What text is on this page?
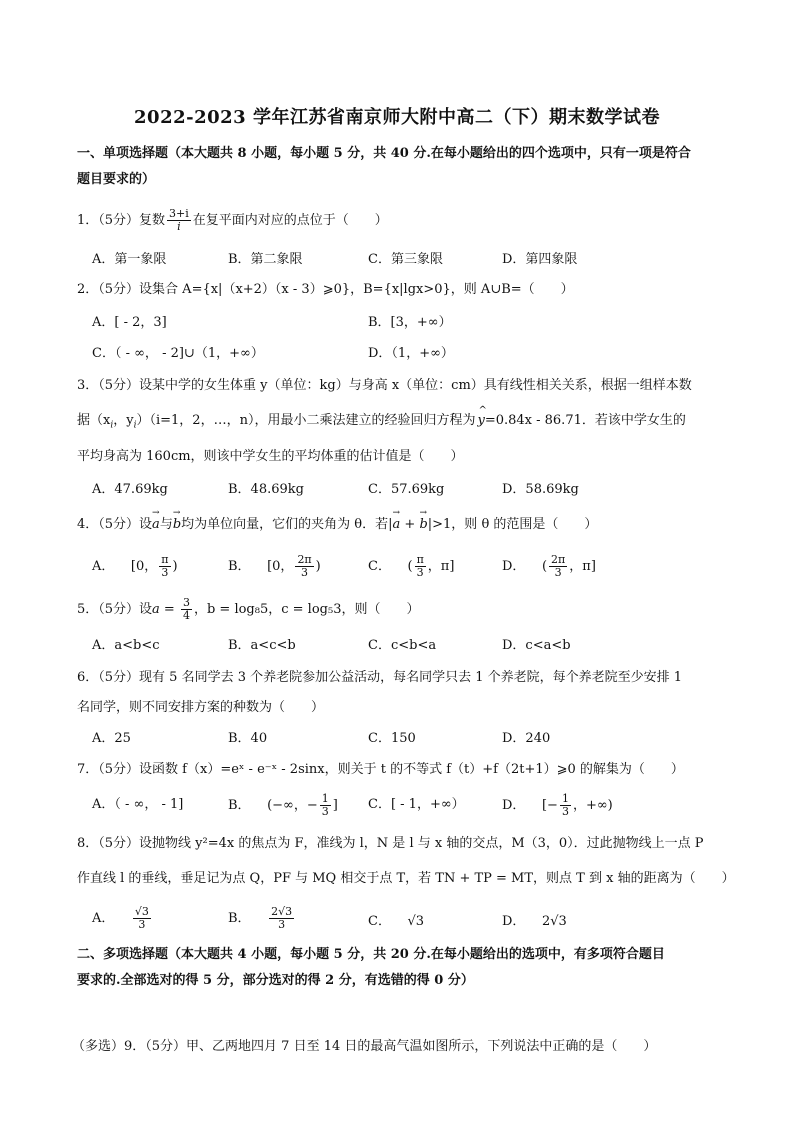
2022-2023 学年江苏省南京师大附中高二（下）期末数学试卷
一、单项选择题（本大题共 8 小题，每小题 5 分，共 40 分.在每小题给出的四个选项中，只有一项是符合
题目要求的）
1．（5分）复数 $\frac{3+i}{i}$ 在复平面内对应的点位于（　　）
A．第一象限	B．第二象限	C．第三象限	D．第四象限
2．（5分）设集合 A={x|（x+2）（x - 3）⩾0}，B={x|lgx>0}，则 A∪B=（　　）
A．[ - 2，3]	B．[3，+∞）
C．（ - ∞， - 2]∪（1，+∞）	D．（1，+∞）
3．（5分）设某中学的女生体重 y（单位：kg）与身高 x（单位：cm）具有线性相关关系，根据一组样本数
据（$x_i$，$y_i)(i=1$，2，…，n），用最小二乘法建立的经验回归方程为^ y=0.84x - 86.71．若该中学女生的
平均身高为 160cm，则该中学女生的平均体重的估计值是（　　）
A．47.69kg	B．48.69kg	C．57.69kg	D．58.69kg
4．（5分）设→ a与→ b均为单位向量，它们的夹角为 θ．若|→ a + → b|>1，则 θ 的范围是（　　）
A．    [0， $\frac{\pi}{3}$ )	B．    [0， $\frac{2\pi}{3}$ )	C．    ( $\frac{\pi}{3}$ ，π]	D．    ( $\frac{2\pi}{3}$ ，π]
5．（5分）设$a = \frac{3}{4}$ ，b = log₈5，c = log₅3，则（　　）
A．a<b<c	B．a<c<b	C．c<b<a	D．c<a<b
6．（5分）现有 5 名同学去 3 个养老院参加公益活动，每名同学只去 1 个养老院，每个养老院至少安排 1
名同学，则不同安排方案的种数为（　　）
A．25	B．40	C．150	D．240
7．（5分）设函数 f（x）=eˣ - e⁻ˣ - 2sinx，则关于 t 的不等式 f（t）+f（2t+1）⩾0 的解集为（　　）
A．（ - ∞， - 1]	B．    (−∞，− $\frac{1}{3}$ ] C．[ - 1，+∞）	D．    [− $\frac{1}{3}$ ，+∞)
8．（5分）设抛物线 y²=4x 的焦点为 F，准线为 l，N 是 l 与 x 轴的交点，M（3，0）．过此抛物线上一点 P
作直线 l 的垂线，垂足记为点 Q，PF 与 MQ 相交于点 T，若 TN + TP = MT，则点 T 到 x 轴的距离为（　　）
A． $\frac{√3}{3}$	B． $\frac{2√3}{3}$	C．    √3	D．    2√3
二、多项选择题（本大题共 4 小题，每小题 5 分，共 20 分.在每小题给出的选项中，有多项符合题目
要求的.全部选对的得 5 分，部分选对的得 2 分，有选错的得 0 分）
（多选）9．（5分）甲、乙两地四月 7 日至 14 日的最高气温如图所示，下列说法中正确的是（　　）
